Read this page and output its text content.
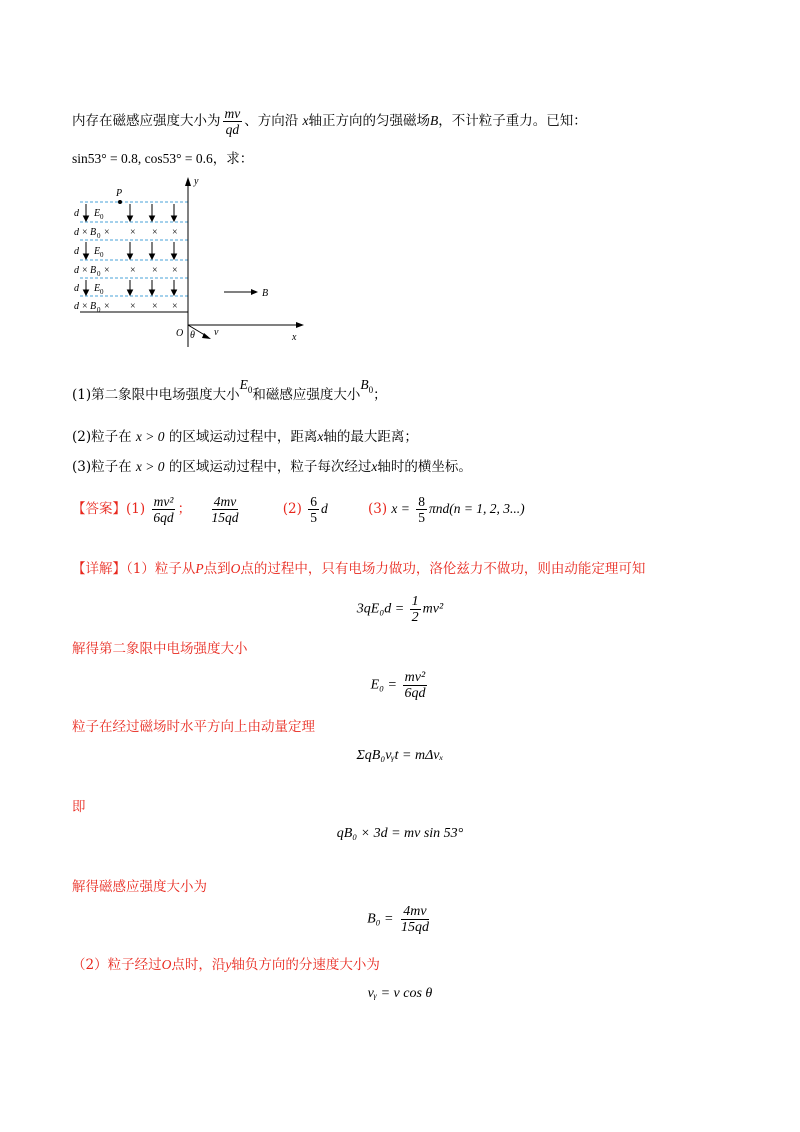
内存在磁感应强度大小为 $\frac{mv}{qd}$ 、方向沿 x轴正方向的匀强磁场B，不计粒子重力。已知：
sin53° = 0.8, cos53° = 0.6，求：
y
x
O
P
θ v
B
d E 0
d × B 0 × × × ×
d E 0
d × B 0 × × × ×
d E 0
d × B 0 × × × ×
(1)第二象限中电场强度大小$E_0$和磁感应强度大小$B_0$；
(2)粒子在 x > 0 的区域运动过程中，距离x轴的最大距离；
(3)粒子在 x > 0 的区域运动过程中，粒子每次经过x轴时的横坐标。
【答案】$(1) \frac{\text{mv²}}{6qd}$ ； $\frac{4mv}{15qd}$	$(2) \frac{6}{5}$ d	(3) $x = \frac{8}{5} \pi nd(n = 1$, 2, 3...)
【详解】（1）粒子从P点到O点的过程中，只有电场力做功，洛伦兹力不做功，则由动能定理可知
$3qE_0d = \frac{1}{2} mv^2$
解得第二象限中电场强度大小
$E_0 = \frac{\text{mv²}}{6qd}$
粒子在经过磁场时水平方向上由动量定理
ΣqB₀vᵧt = mΔvₓ
即
qB₀ × 3d = mv sin 53°
解得磁感应强度大小为
$B_0 = \frac{4mv}{15qd}$
（2）粒子经过O点时，沿y轴负方向的分速度大小为
vᵧ = v cos θ
